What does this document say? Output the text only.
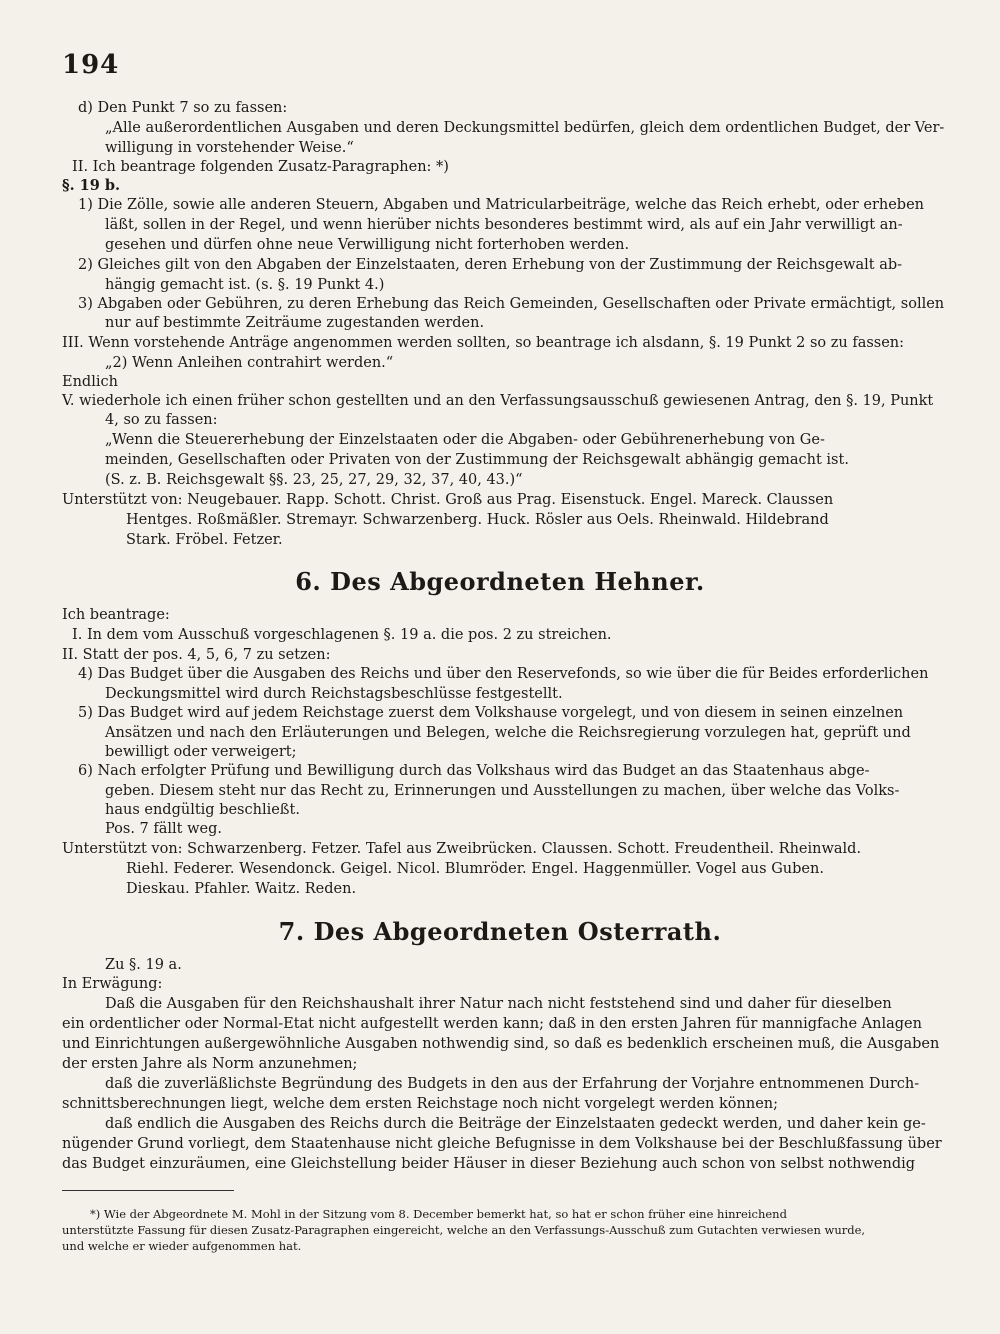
194
d) Den Punkt 7 so zu fassen:
„Alle außerordentlichen Ausgaben und deren Deckungsmittel bedürfen, gleich dem ordentlichen Budget, der Ver-
willigung in vorstehender Weise.“
II. Ich beantrage folgenden Zusatz-Paragraphen: *)
§. 19 b.
1) Die Zölle, sowie alle anderen Steuern, Abgaben und Matricularbeiträge, welche das Reich erhebt, oder erheben
läßt, sollen in der Regel, und wenn hierüber nichts besonderes bestimmt wird, als auf ein Jahr verwilligt an-
gesehen und dürfen ohne neue Verwilligung nicht forterhoben werden.
2) Gleiches gilt von den Abgaben der Einzelstaaten, deren Erhebung von der Zustimmung der Reichsgewalt ab-
hängig gemacht ist. (s. §. 19 Punkt 4.)
3) Abgaben oder Gebühren, zu deren Erhebung das Reich Gemeinden, Gesellschaften oder Private ermächtigt, sollen
nur auf bestimmte Zeiträume zugestanden werden.
III. Wenn vorstehende Anträge angenommen werden sollten, so beantrage ich alsdann, §. 19 Punkt 2 so zu fassen:
„2) Wenn Anleihen contrahirt werden.“
Endlich
V. wiederhole ich einen früher schon gestellten und an den Verfassungsausschuß gewiesenen Antrag, den §. 19, Punkt
4, so zu fassen:
„Wenn die Steuererhebung der Einzelstaaten oder die Abgaben- oder Gebührenerhebung von Ge-
meinden, Gesellschaften oder Privaten von der Zustimmung der Reichsgewalt abhängig gemacht ist.
(S. z. B. Reichsgewalt §§. 23, 25, 27, 29, 32, 37, 40, 43.)“
Unterstützt von: Neugebauer. Rapp. Schott. Christ. Groß aus Prag. Eisenstuck. Engel. Mareck. Claussen
Hentges. Roßmäßler. Stremayr. Schwarzenberg. Huck. Rösler aus Oels. Rheinwald. Hildebrand
Stark. Fröbel. Fetzer.
6. Des Abgeordneten Hehner.
Ich beantrage:
I. In dem vom Ausschuß vorgeschlagenen §. 19 a. die pos. 2 zu streichen.
II. Statt der pos. 4, 5, 6, 7 zu setzen:
4) Das Budget über die Ausgaben des Reichs und über den Reservefonds, so wie über die für Beides erforderlichen
Deckungsmittel wird durch Reichstagsbeschlüsse festgestellt.
5) Das Budget wird auf jedem Reichstage zuerst dem Volkshause vorgelegt, und von diesem in seinen einzelnen
Ansätzen und nach den Erläuterungen und Belegen, welche die Reichsregierung vorzulegen hat, geprüft und
bewilligt oder verweigert;
6) Nach erfolgter Prüfung und Bewilligung durch das Volkshaus wird das Budget an das Staatenhaus abge-
geben. Diesem steht nur das Recht zu, Erinnerungen und Ausstellungen zu machen, über welche das Volks-
haus endgültig beschließt.
Pos. 7 fällt weg.
Unterstützt von: Schwarzenberg. Fetzer. Tafel aus Zweibrücken. Claussen. Schott. Freudentheil. Rheinwald.
Riehl. Federer. Wesendonck. Geigel. Nicol. Blumröder. Engel. Haggenmüller. Vogel aus Guben.
Dieskau. Pfahler. Waitz. Reden.
7. Des Abgeordneten Osterrath.
Zu §. 19 a.
In Erwägung:
Daß die Ausgaben für den Reichshaushalt ihrer Natur nach nicht feststehend sind und daher für dieselben
ein ordentlicher oder Normal-Etat nicht aufgestellt werden kann; daß in den ersten Jahren für mannigfache Anlagen
und Einrichtungen außergewöhnliche Ausgaben nothwendig sind, so daß es bedenklich erscheinen muß, die Ausgaben
der ersten Jahre als Norm anzunehmen;
daß die zuverläßlichste Begründung des Budgets in den aus der Erfahrung der Vorjahre entnommenen Durch-
schnittsberechnungen liegt, welche dem ersten Reichstage noch nicht vorgelegt werden können;
daß endlich die Ausgaben des Reichs durch die Beiträge der Einzelstaaten gedeckt werden, und daher kein ge-
nügender Grund vorliegt, dem Staatenhause nicht gleiche Befugnisse in dem Volkshause bei der Beschlußfassung über
das Budget einzuräumen, eine Gleichstellung beider Häuser in dieser Beziehung auch schon von selbst nothwendig
*) Wie der Abgeordnete M. Mohl in der Sitzung vom 8. December bemerkt hat, so hat er schon früher eine hinreichend
unterstützte Fassung für diesen Zusatz-Paragraphen eingereicht, welche an den Verfassungs-Ausschuß zum Gutachten verwiesen wurde,
und welche er wieder aufgenommen hat.
